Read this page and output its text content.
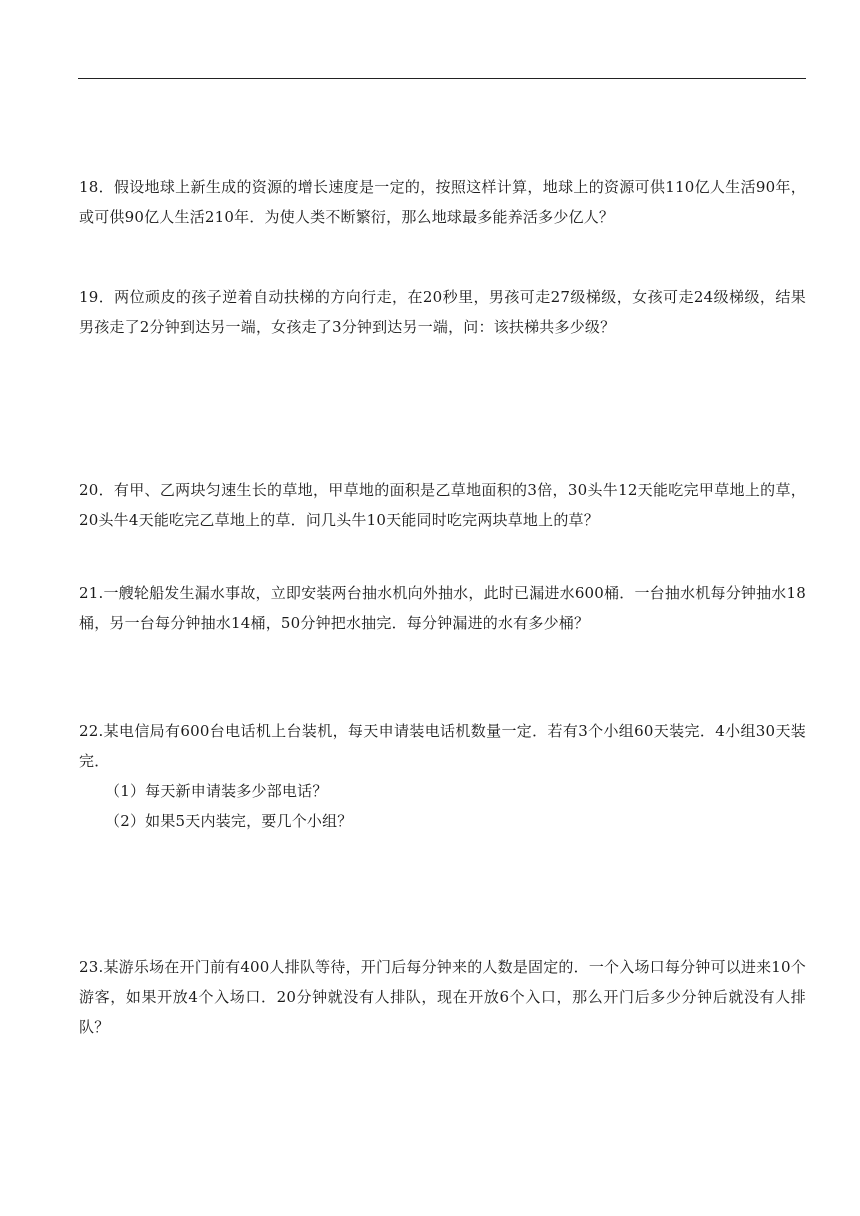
18．假设地球上新生成的资源的增长速度是一定的，按照这样计算，地球上的资源可供110亿人生活90年，或可供90亿人生活210年．为使人类不断繁衍，那么地球最多能养活多少亿人？

19．两位顽皮的孩子逆着自动扶梯的方向行走，在20秒里，男孩可走27级梯级，女孩可走24级梯级，结果男孩走了2分钟到达另一端，女孩走了3分钟到达另一端，问：该扶梯共多少级？

20．有甲、乙两块匀速生长的草地，甲草地的面积是乙草地面积的3倍，30头牛12天能吃完甲草地上的草，20头牛4天能吃完乙草地上的草．问几头牛10天能同时吃完两块草地上的草？

21.一艘轮船发生漏水事故，立即安装两台抽水机向外抽水，此时已漏进水600桶．一台抽水机每分钟抽水18桶，另一台每分钟抽水14桶，50分钟把水抽完．每分钟漏进的水有多少桶？

22.某电信局有600台电话机上台装机，每天申请装电话机数量一定．若有3个小组60天装完．4小组30天装完．

（1）每天新申请装多少部电话？

（2）如果5天内装完，要几个小组？

23.某游乐场在开门前有400人排队等待，开门后每分钟来的人数是固定的．一个入场口每分钟可以进来10个游客，如果开放4个入场口．20分钟就没有人排队，现在开放6个入口，那么开门后多少分钟后就没有人排队？
